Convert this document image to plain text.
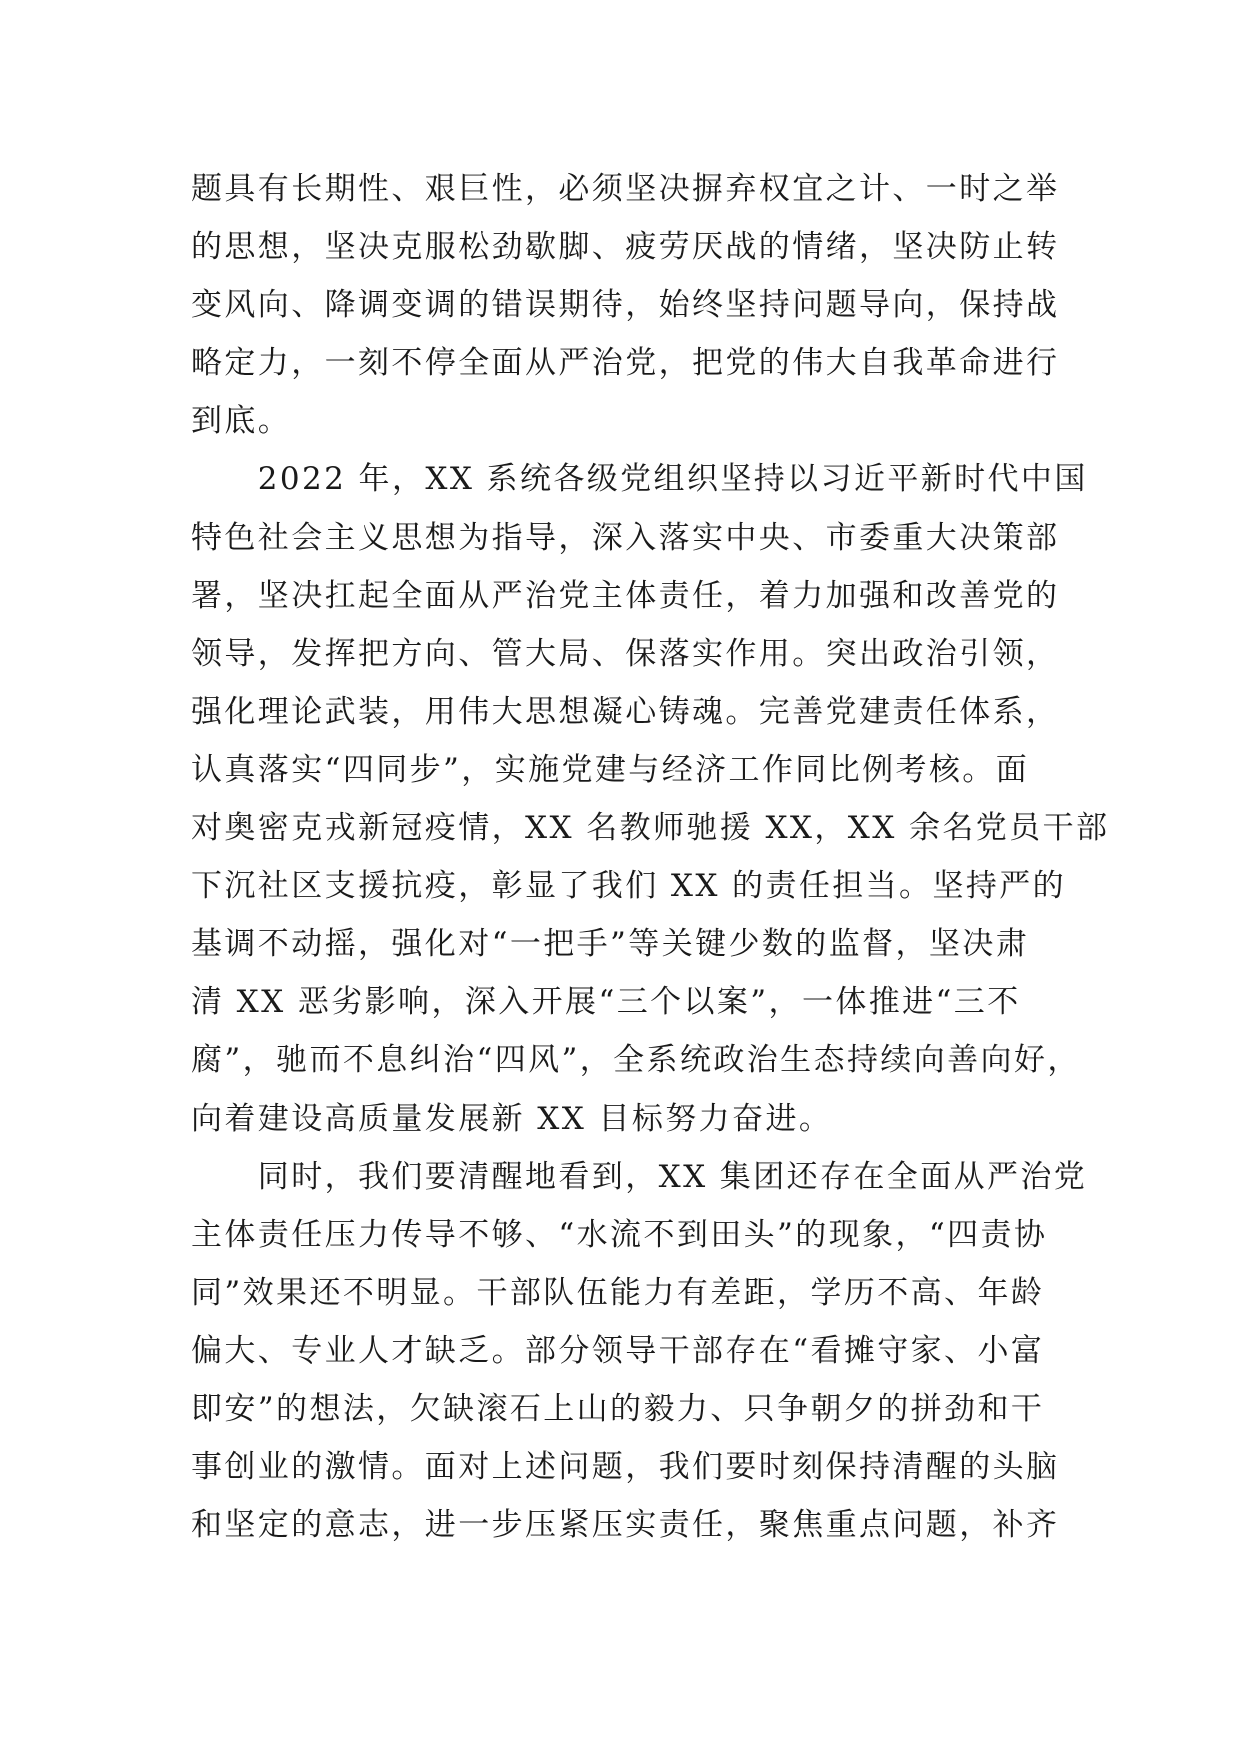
题具有长期性、艰巨性，必须坚决摒弃权宜之计、一时之举
的思想，坚决克服松劲歇脚、疲劳厌战的情绪，坚决防止转
变风向、降调变调的错误期待，始终坚持问题导向，保持战
略定力，一刻不停全面从严治党，把党的伟大自我革命进行
到底。
　　2022 年，XX 系统各级党组织坚持以习近平新时代中国
特色社会主义思想为指导，深入落实中央、市委重大决策部
署，坚决扛起全面从严治党主体责任，着力加强和改善党的
领导，发挥把方向、管大局、保落实作用。突出政治引领，
强化理论武装，用伟大思想凝心铸魂。完善党建责任体系，
认真落实“四同步”，实施党建与经济工作同比例考核。面
对奥密克戎新冠疫情，XX 名教师驰援 XX，XX 余名党员干部
下沉社区支援抗疫，彰显了我们 XX 的责任担当。坚持严的
基调不动摇，强化对“一把手”等关键少数的监督，坚决肃
清 XX 恶劣影响，深入开展“三个以案”，一体推进“三不
腐”，驰而不息纠治“四风”，全系统政治生态持续向善向好，
向着建设高质量发展新 XX 目标努力奋进。
　　同时，我们要清醒地看到，XX 集团还存在全面从严治党
主体责任压力传导不够、“水流不到田头”的现象，“四责协
同”效果还不明显。干部队伍能力有差距，学历不高、年龄
偏大、专业人才缺乏。部分领导干部存在“看摊守家、小富
即安”的想法，欠缺滚石上山的毅力、只争朝夕的拼劲和干
事创业的激情。面对上述问题，我们要时刻保持清醒的头脑
和坚定的意志，进一步压紧压实责任，聚焦重点问题，补齐
